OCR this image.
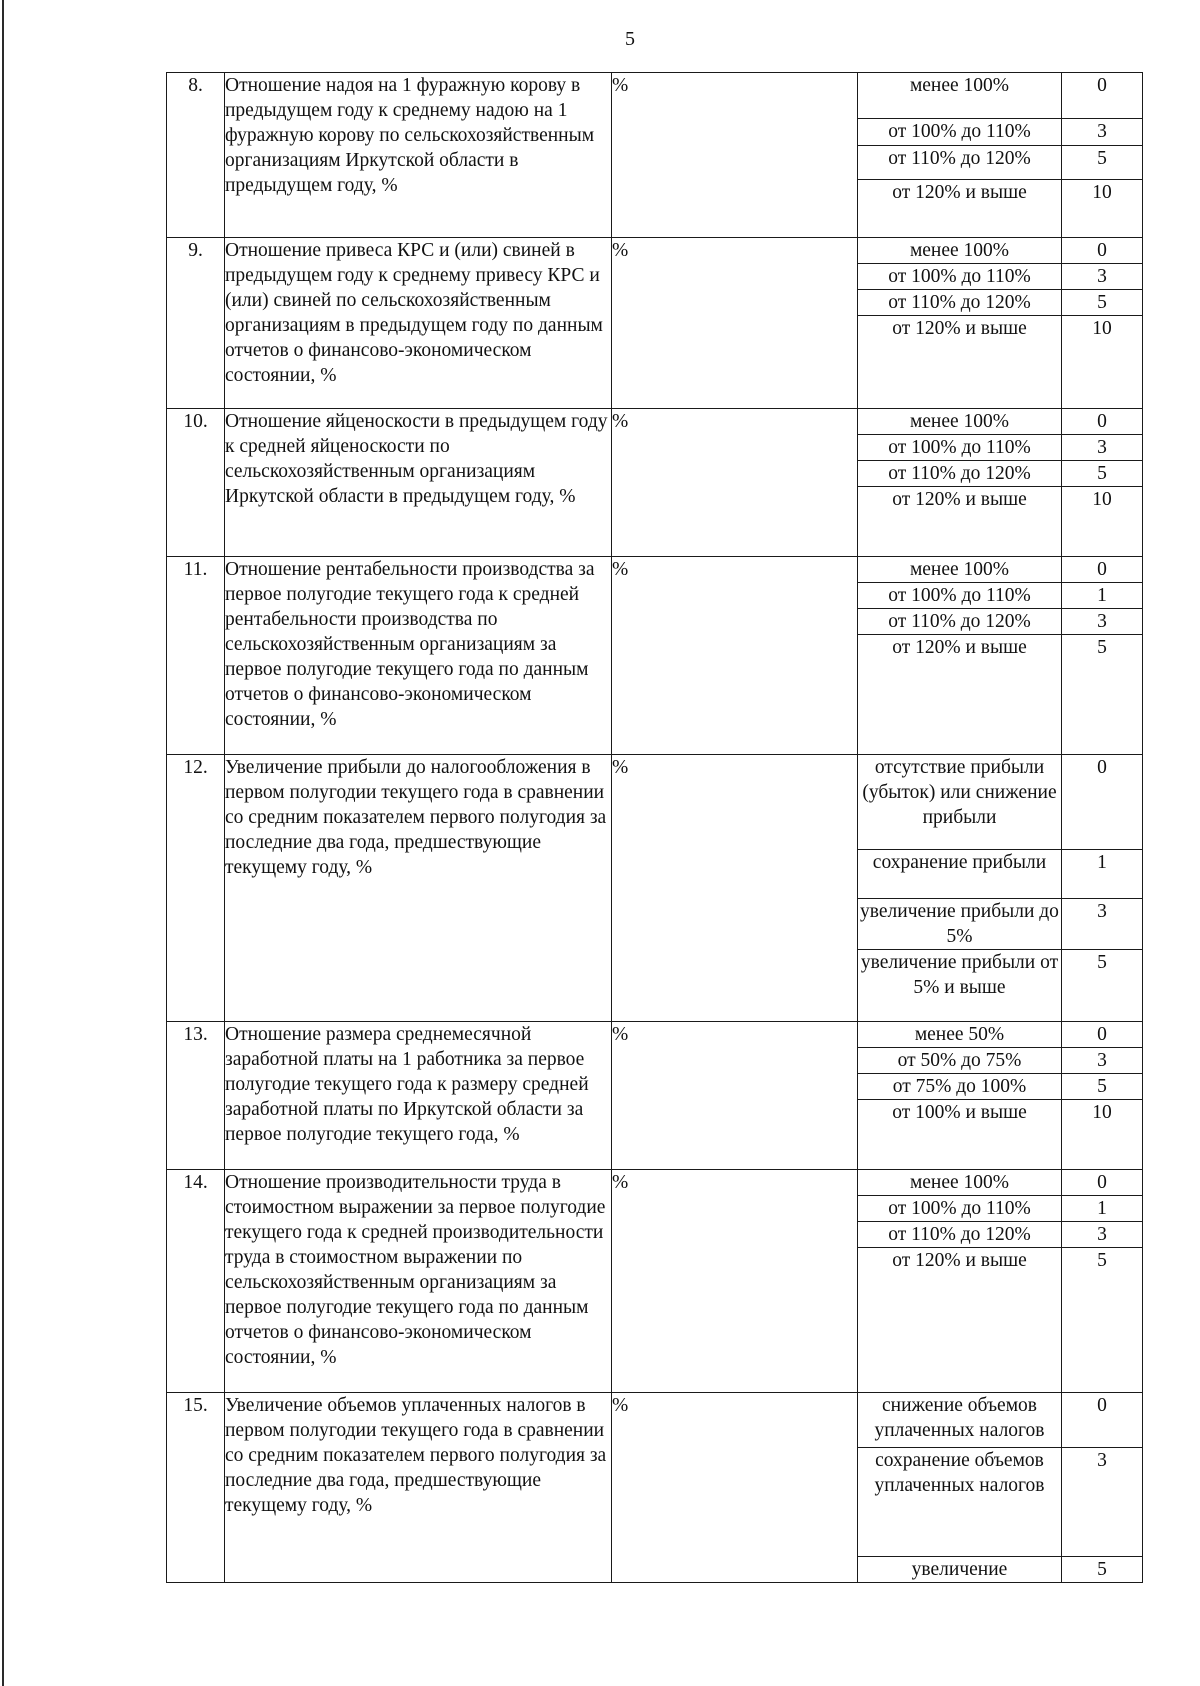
5
8.	Отношение надоя на 1 фуражную корову в предыдущем году к среднему надою на 1 фуражную корову по сельскохозяйственным организациям Иркутской области в предыдущем году, %	%	менее 100%	0
			от 100% до 110%	3
			от 110% до 120%	5
			от 120% и выше	10
9.	Отношение привеса КРС и (или) свиней в предыдущем году к среднему привесу КРС и (или) свиней по сельскохозяйственным организациям в предыдущем году по данным отчетов о финансово-экономическом состоянии, %	%	менее 100%	0
			от 100% до 110%	3
			от 110% до 120%	5
			от 120% и выше	10
10.	Отношение яйценоскости в предыдущем году к средней яйценоскости по сельскохозяйственным организациям Иркутской области в предыдущем году, %	%	менее 100%	0
			от 100% до 110%	3
			от 110% до 120%	5
			от 120% и выше	10
11.	Отношение рентабельности производства за первое полугодие текущего года к средней рентабельности производства по сельскохозяйственным организациям за первое полугодие текущего года по данным отчетов о финансово-экономическом состоянии, %	%	менее 100%	0
			от 100% до 110%	1
			от 110% до 120%	3
			от 120% и выше	5
12.	Увеличение прибыли до налогообложения в первом полугодии текущего года в сравнении со средним показателем первого полугодия за последние два года, предшествующие текущему году, %	%	отсутствие прибыли (убыток) или снижение прибыли	0
			сохранение прибыли	1
			увеличение прибыли до 5%	3
			увеличение прибыли от 5% и выше	5
13.	Отношение размера среднемесячной заработной платы на 1 работника за первое полугодие текущего года к размеру средней заработной платы по Иркутской области за первое полугодие текущего года, %	%	менее 50%	0
			от 50% до 75%	3
			от 75% до 100%	5
			от 100% и выше	10
14.	Отношение производительности труда в стоимостном выражении за первое полугодие текущего года к средней производительности труда в стоимостном выражении по сельскохозяйственным организациям за первое полугодие текущего года по данным отчетов о финансово-экономическом состоянии, %	%	менее 100%	0
			от 100% до 110%	1
			от 110% до 120%	3
			от 120% и выше	5
15.	Увеличение объемов уплаченных налогов в первом полугодии текущего года в сравнении со средним показателем первого полугодия за последние два года, предшествующие текущему году, %	%	снижение объемов уплаченных налогов	0
			сохранение объемов уплаченных налогов	3
			увеличение	5
